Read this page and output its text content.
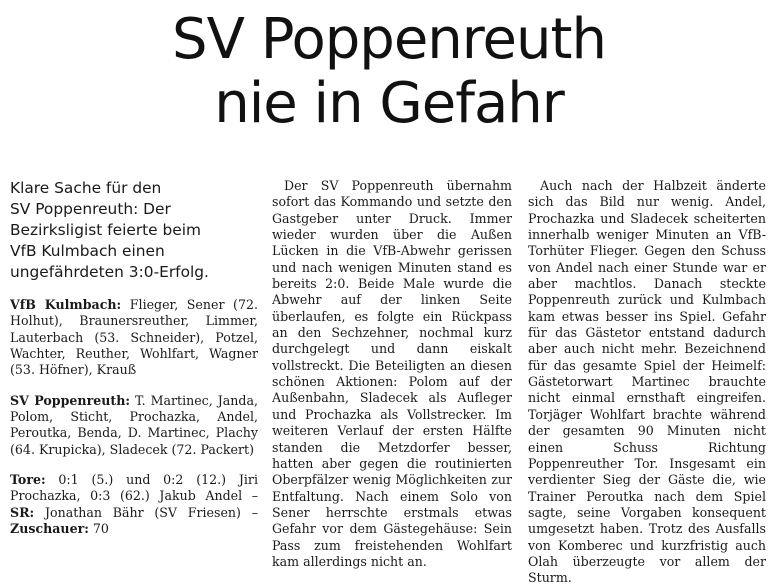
SV Poppenreuth
nie in Gefahr
Klare Sache für den
SV Poppenreuth: Der
Bezirksligist feierte beim
VfB Kulmbach einen
ungefährdeten 3:0-Erfolg.

VfB Kulmbach: Flieger, Sener (72. Holhut), Braunersreuther, Limmer, Lauterbach (53. Schneider), Potzel, Wachter, Reuther, Wohlfart, Wagner (53. Höfner), Krauß

SV Poppenreuth: T. Martinec, Janda, Polom, Sticht, Prochazka, Andel, Peroutka, Benda, D. Martinec, Plachy (64. Krupicka), Sladecek (72. Packert)

Tore: 0:1 (5.) und 0:2 (12.) Jiri Prochazka, 0:3 (62.) Jakub Andel – SR: Jonathan Bähr (SV Friesen) – Zuschauer: 70

Der SV Poppenreuth übernahm sofort das Kommando und setzte den Gastgeber unter Druck. Immer wieder wurden über die Außen Lücken in die VfB-Abwehr gerissen und nach wenigen Minuten stand es bereits 2:0. Beide Male wurde die Abwehr auf der linken Seite überlaufen, es folgte ein Rückpass an den Sechzehner, nochmal kurz durchgelegt und dann eiskalt vollstreckt. Die Beteiligten an diesen schönen Aktionen: Polom auf der Außenbahn, Sladecek als Aufleger und Prochazka als Vollstrecker. Im weiteren Verlauf der ersten Hälfte standen die Metzdorfer besser, hatten aber gegen die routinierten Oberpfälzer wenig Möglichkeiten zur Entfaltung. Nach einem Solo von Sener herrschte erstmals etwas Gefahr vor dem Gästegehäuse: Sein Pass zum freistehenden Wohlfart kam allerdings nicht an.

Auch nach der Halbzeit änderte sich das Bild nur wenig. Andel, Prochazka und Sladecek scheiterten innerhalb weniger Minuten an VfB-Torhüter Flieger. Gegen den Schuss von Andel nach einer Stunde war er aber machtlos. Danach steckte Poppenreuth zurück und Kulmbach kam etwas besser ins Spiel. Gefahr für das Gästetor entstand dadurch aber auch nicht mehr. Bezeichnend für das gesamte Spiel der Heimelf: Gästetorwart Martinec brauchte nicht einmal ernsthaft eingreifen. Torjäger Wohlfart brachte während der gesamten 90 Minuten nicht einen Schuss Richtung Poppenreuther Tor. Insgesamt ein verdienter Sieg der Gäste die, wie Trainer Peroutka nach dem Spiel sagte, seine Vorgaben konsequent umgesetzt haben. Trotz des Ausfalls von Komberec und kurzfristig auch Olah überzeugte vor allem der Sturm.
